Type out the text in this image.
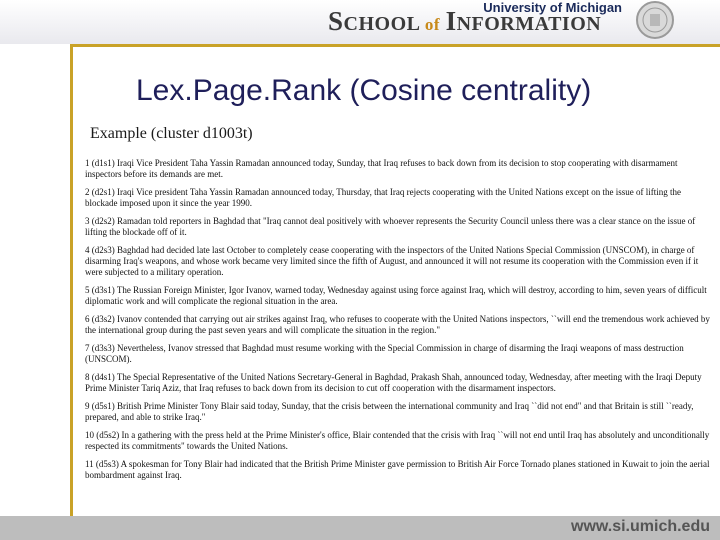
University of Michigan
SCHOOL of INFORMATION
Lex.Page.Rank (Cosine centrality)
Example (cluster d1003t)

1 (d1s1) Iraqi Vice President Taha Yassin Ramadan announced today, Sunday, that Iraq refuses to back down from its decision to stop cooperating with disarmament inspectors before its demands are met.

2 (d2s1) Iraqi Vice president Taha Yassin Ramadan announced today, Thursday, that Iraq rejects cooperating with the United Nations except on the issue of lifting the blockade imposed upon it since the year 1990.

3 (d2s2) Ramadan told reporters in Baghdad that "Iraq cannot deal positively with whoever represents the Security Council unless there was a clear stance on the issue of lifting the blockade off of it.

4 (d2s3) Baghdad had decided late last October to completely cease cooperating with the inspectors of the United Nations Special Commission (UNSCOM), in charge of disarming Iraq's weapons, and whose work became very limited since the fifth of August, and announced it will not resume its cooperation with the Commission even if it were subjected to a military operation.

5 (d3s1) The Russian Foreign Minister, Igor Ivanov, warned today, Wednesday against using force against Iraq, which will destroy, according to him, seven years of difficult diplomatic work and will complicate the regional situation in the area.

6 (d3s2) Ivanov contended that carrying out air strikes against Iraq, who refuses to cooperate with the United Nations inspectors, ``will end the tremendous work achieved by the international group during the past seven years and will complicate the situation in the region."

7 (d3s3) Nevertheless, Ivanov stressed that Baghdad must resume working with the Special Commission in charge of disarming the Iraqi weapons of mass destruction (UNSCOM).

8 (d4s1) The Special Representative of the United Nations Secretary-General in Baghdad, Prakash Shah, announced today, Wednesday, after meeting with the Iraqi Deputy Prime Minister Tariq Aziz, that Iraq refuses to back down from its decision to cut off cooperation with the disarmament inspectors.

9 (d5s1) British Prime Minister Tony Blair said today, Sunday, that the crisis between the international community and Iraq ``did not end" and that Britain is still ``ready, prepared, and able to strike Iraq."

10 (d5s2) In a gathering with the press held at the Prime Minister's office, Blair contended that the crisis with Iraq ``will not end until Iraq has absolutely and unconditionally respected its commitments" towards the United Nations.

11 (d5s3) A spokesman for Tony Blair had indicated that the British Prime Minister gave permission to British Air Force Tornado planes stationed in Kuwait to join the aerial bombardment against Iraq.

www.si.umich.edu
